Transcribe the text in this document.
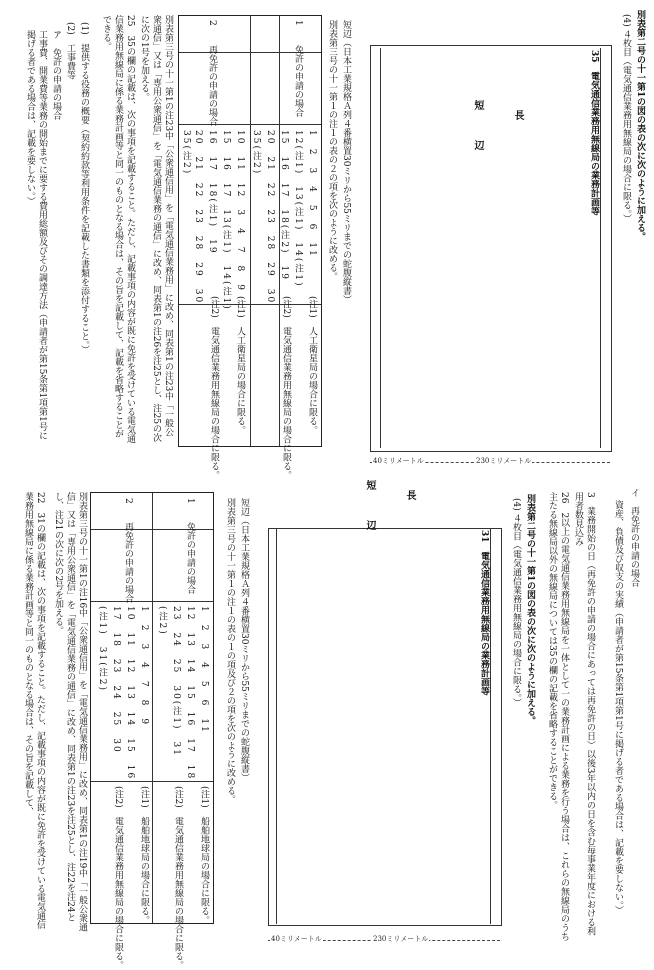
別表第二号の十一第1の図の表の次に次のように加える。
(4) ４枚目（電気通信業務用無線局の場合に限る。）
短辺	長	35　電気通信業務用無線局の業務計画等
40ミリメートル	230ミリメートル
短辺（日本工業規格Ａ列４番横置30ミリから55ミリまでの蛇腹縦書）
別表第三号の十一第１の注１の表の２の項を次のように改める。
1
免許の申請の場合
1　2　3　4　5　6　11
12(注1)　13(注1)　14(注1)
15　16　17　18(注2)　19
20　21　22　23　28　29　30
35(注2)
(注1)　人工衛星局の場合に限る。
(注2)　電気通信業務用無線局の場合に限る。
2
再免許の申請の場合
10　11　12　3　4　7　8　9
15　16　17　13(注1)　14(注1)
16　17　18(注1)　19
20　21　22　23　28　29　30
35(注2)
(注1)　人工衛星局の場合に限る。
(注2)　電気通信業務用無線局の場合に限る。
別表第三号の十一第1の注23中「公衆通信用」を「電気通信業務用」に改め、同表第1の注23中「一般公衆通信」又は「専用公衆通信」を「電気通信業務の通信」に改め、同表第1の注26を注25とし、注25の次に次の1号を加える。
25　35の欄の記載は、次の事項を記載すること。ただし、記載事項の内容が既に免許を受けている電気通信業務用無線局に係る業務計画等と同一のものとなる場合は、その旨を記載して、記載を省略することができる。
(1)　提供する役務の概要（契約約款等利用条件を記載した書類を添付すること。）
(2)　工事費等
ア　免許の申請の場合
工事費、開業費等業務の開始までに要する費用総額及びその調達方法（申請者が第15条第1項第1号に掲げる者である場合は、記載を要しない。）
イ　再免許の申請の場合
資産、負債及び収支の実績（申請者が第15条第1項第1号に掲げる者である場合は、記載を要しない。）
3　業務開始の日（再免許の申請の場合にあっては再免許の日）以後3年以内の日を含む毎事業年度における利用者数見込み
26　2以上の電気通信業務用無線局を一体として一の業務計画による業務を行う場合は、これらの無線局のうち主たる無線局以外の無線局については35の欄の記載を省略することができる。
別表第二号の十一第1の図の表の次に次のように加える。
(4) ４枚目（電気通信業務用無線局の場合に限る。）
短辺	長
31　電気通信業務用無線局の業務計画等
40ミリメートル	230ミリメートル
短辺（日本工業規格Ａ列４番横置30ミリから55ミリまでの蛇腹縦書）
別表第三号の十一第１の注１の表の１の項及び２の項を次のように改める。
1
免許の申請の場合
1　2　3　4　5　6　11
12　13　14　15　16　17　18
23　24　25　30(注1)　31
(注2)
(注1)　船舶地球局の場合に限る。
(注2)　電気通信業務用無線局の場合に限る。
2
再免許の申請の場合
1　2　3　4　7　8　9
10　11　12　13　14　15　16
17　18　23　24　25　30
(注1)　31(注2)
(注1)　船舶地球局の場合に限る。
(注2)　電気通信業務用無線局の場合に限る。
別表第三号の十一第1の注16中「公衆通信用」を「電気通信業務用」に改め、同表第1の注19中「一般公衆通信」又は「専用公衆通信」を「電気通信業務の通信」に改め、同表第1の注23を注25とし、注22を注24とし、注21の次に次の2号を加える。
22　31の欄の記載は、次の事項を記載すること。ただし、記載事項の内容が既に免許を受けている電気通信業務用無線局に係る業務計画等と同一のものとなる場合は、その旨を記載して、
